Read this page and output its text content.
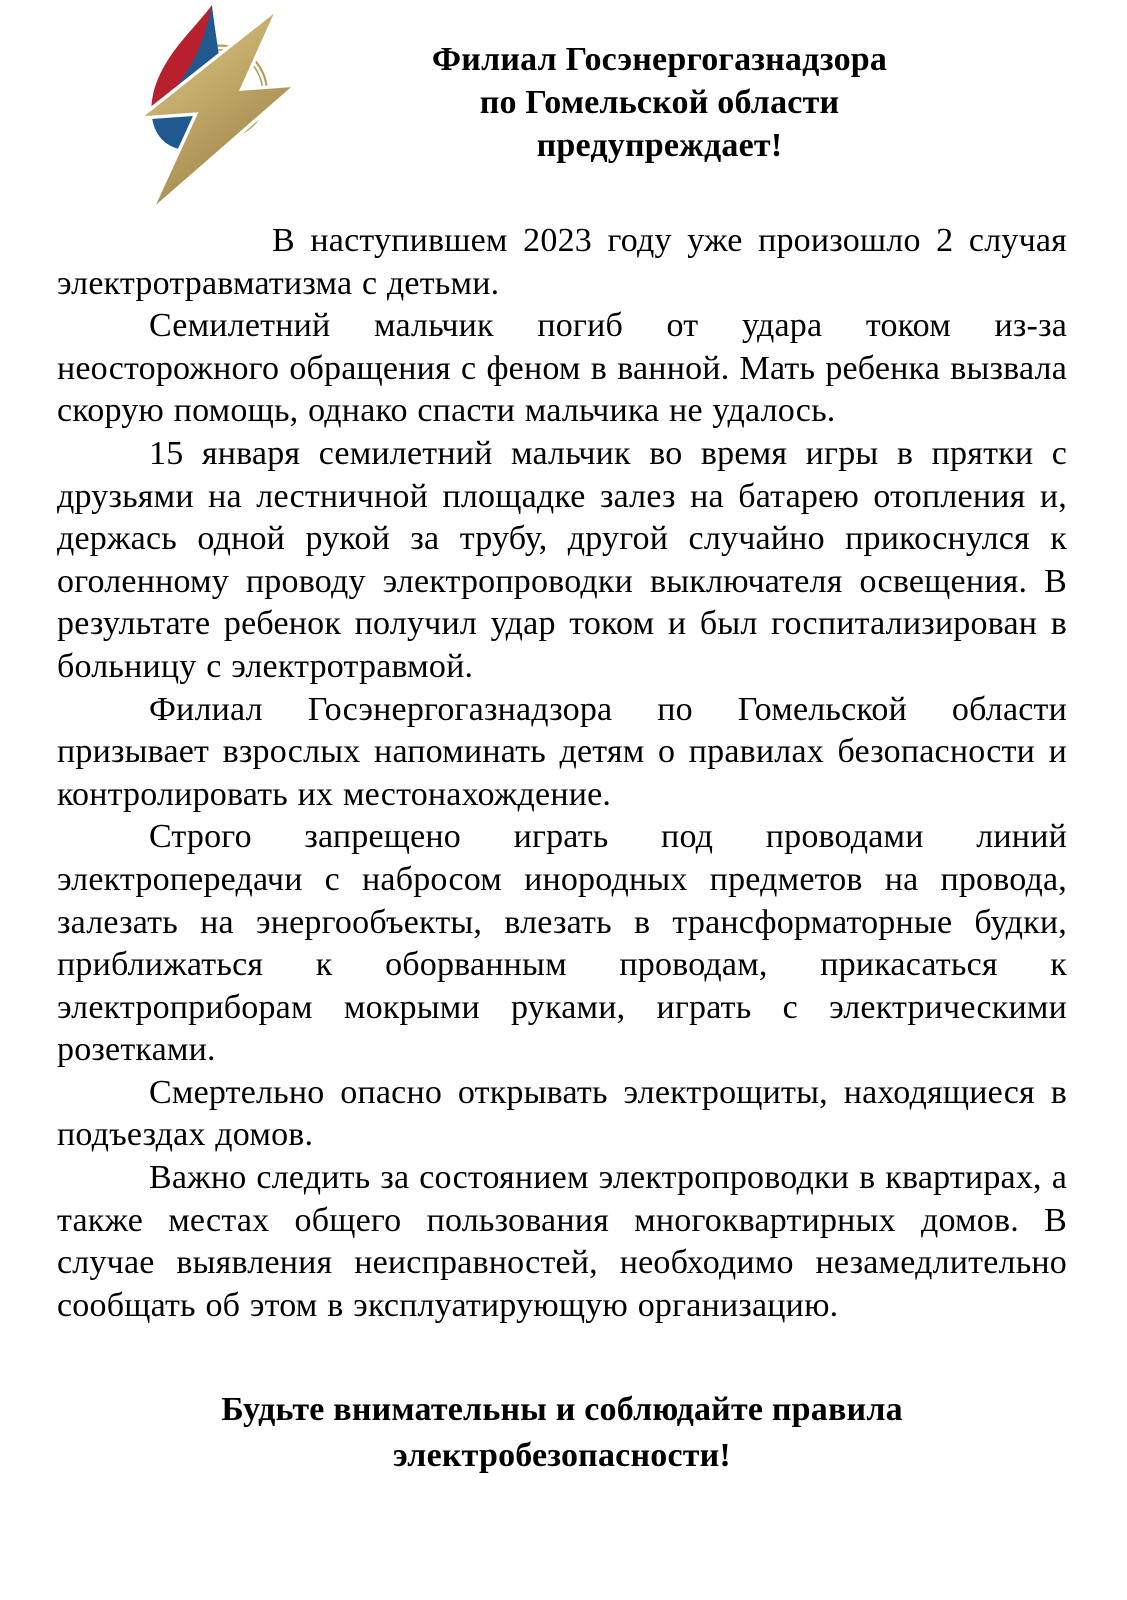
Филиал Госэнергогазнадзора
по Гомельской области
предупреждает!

В наступившем 2023 году уже произошло 2 случая электротравматизма с детьми.

Семилетний мальчик погиб от удара током из-за неосторожного обращения с феном в ванной. Мать ребенка вызвала скорую помощь, однако спасти мальчика не удалось.

15 января семилетний мальчик во время игры в прятки с друзьями на лестничной площадке залез на батарею отопления и, держась одной рукой за трубу, другой случайно прикоснулся к оголенному проводу электропроводки выключателя освещения. В результате ребенок получил удар током и был госпитализирован в больницу с электротравмой.

Филиал Госэнергогазнадзора по Гомельской области призывает взрослых напоминать детям о правилах безопасности и контролировать их местонахождение.

Строго запрещено играть под проводами линий электропередачи с набросом инородных предметов на провода, залезать на энергообъекты, влезать в трансформаторные будки, приближаться к оборванным проводам, прикасаться к электроприборам мокрыми руками, играть с электрическими розетками.

Смертельно опасно открывать электрощиты, находящиеся в подъездах домов.

Важно следить за состоянием электропроводки в квартирах, а также местах общего пользования многоквартирных домов. В случае выявления неисправностей, необходимо незамедлительно сообщать об этом в эксплуатирующую организацию.

Будьте внимательны и соблюдайте правила
электробезопасности!
